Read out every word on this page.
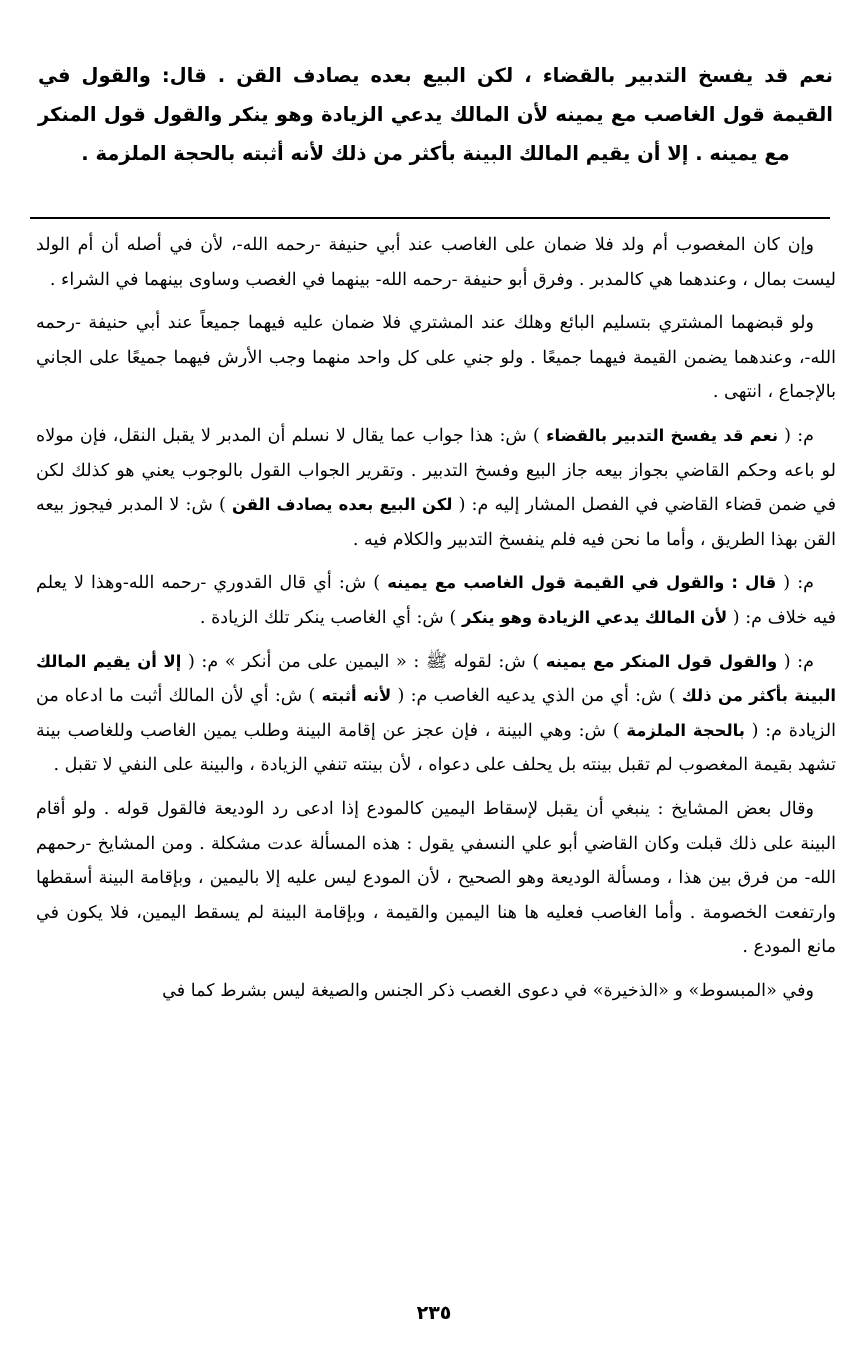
نعم قد يفسخ التدبير بالقضاء ، لكن البيع بعده يصادف القن . قال: والقول في القيمة قول الغاصب مع يمينه لأن المالك يدعي الزيادة وهو ينكر والقول قول المنكر مع يمينه . إلا أن يقيم المالك البينة بأكثر من ذلك لأنه أثبته بالحجة الملزمة .

وإن كان المغصوب أم ولد فلا ضمان على الغاصب عند أبي حنيفة -رحمه الله-، لأن في أصله أن أم الولد ليست بمال ، وعندهما هي كالمدبر . وفرق أبو حنيفة -رحمه الله- بينهما في الغصب وساوى بينهما في الشراء .

ولو قبضهما المشتري بتسليم البائع وهلك عند المشتري فلا ضمان عليه فيهما جميعاً عند أبي حنيفة -رحمه الله-، وعندهما يضمن القيمة فيهما جميعًا . ولو جني على كل واحد منهما وجب الأرش فيهما جميعًا على الجاني بالإجماع ، انتهى .

م: ( نعم قد يفسخ التدبير بالقضاء ) ش: هذا جواب عما يقال لا نسلم أن المدبر لا يقبل النقل، فإن مولاه لو باعه وحكم القاضي بجواز بيعه جاز البيع وفسخ التدبير . وتقرير الجواب القول بالوجوب يعني هو كذلك لكن في ضمن قضاء القاضي في الفصل المشار إليه م: ( لكن البيع بعده يصادف القن ) ش: لا المدبر فيجوز بيعه القن بهذا الطريق ، وأما ما نحن فيه فلم ينفسخ التدبير والكلام فيه .

م: ( قال : والقول في القيمة قول الغاصب مع يمينه ) ش: أي قال القدوري -رحمه الله-وهذا لا يعلم فيه خلاف م: ( لأن المالك يدعي الزيادة وهو ينكر ) ش: أي الغاصب ينكر تلك الزيادة .

م: ( والقول قول المنكر مع يمينه ) ش: لقوله ﷺ : « اليمين على من أنكر » م: ( إلا أن يقيم المالك البينة بأكثر من ذلك ) ش: أي من الذي يدعيه الغاصب م: ( لأنه أثبته ) ش: أي لأن المالك أثبت ما ادعاه من الزيادة م: ( بالحجة الملزمة ) ش: وهي البينة ، فإن عجز عن إقامة البينة وطلب يمين الغاصب وللغاصب بينة تشهد بقيمة المغصوب لم تقبل بينته بل يحلف على دعواه ، لأن بينته تنفي الزيادة ، والبينة على النفي لا تقبل .

وقال بعض المشايخ : ينبغي أن يقبل لإسقاط اليمين كالمودع إذا ادعى رد الوديعة فالقول قوله . ولو أقام البينة على ذلك قبلت وكان القاضي أبو علي النسفي يقول : هذه المسألة عدت مشكلة . ومن المشايخ -رحمهم الله- من فرق بين هذا ، ومسألة الوديعة وهو الصحيح ، لأن المودع ليس عليه إلا باليمين ، وبإقامة البينة أسقطها وارتفعت الخصومة . وأما الغاصب فعليه ها هنا اليمين والقيمة ، وبإقامة البينة لم يسقط اليمين، فلا يكون في مانع المودع .

وفي «المبسوط» و «الذخيرة» في دعوى الغصب ذكر الجنس والصيغة ليس بشرط كما في

٢٣٥
